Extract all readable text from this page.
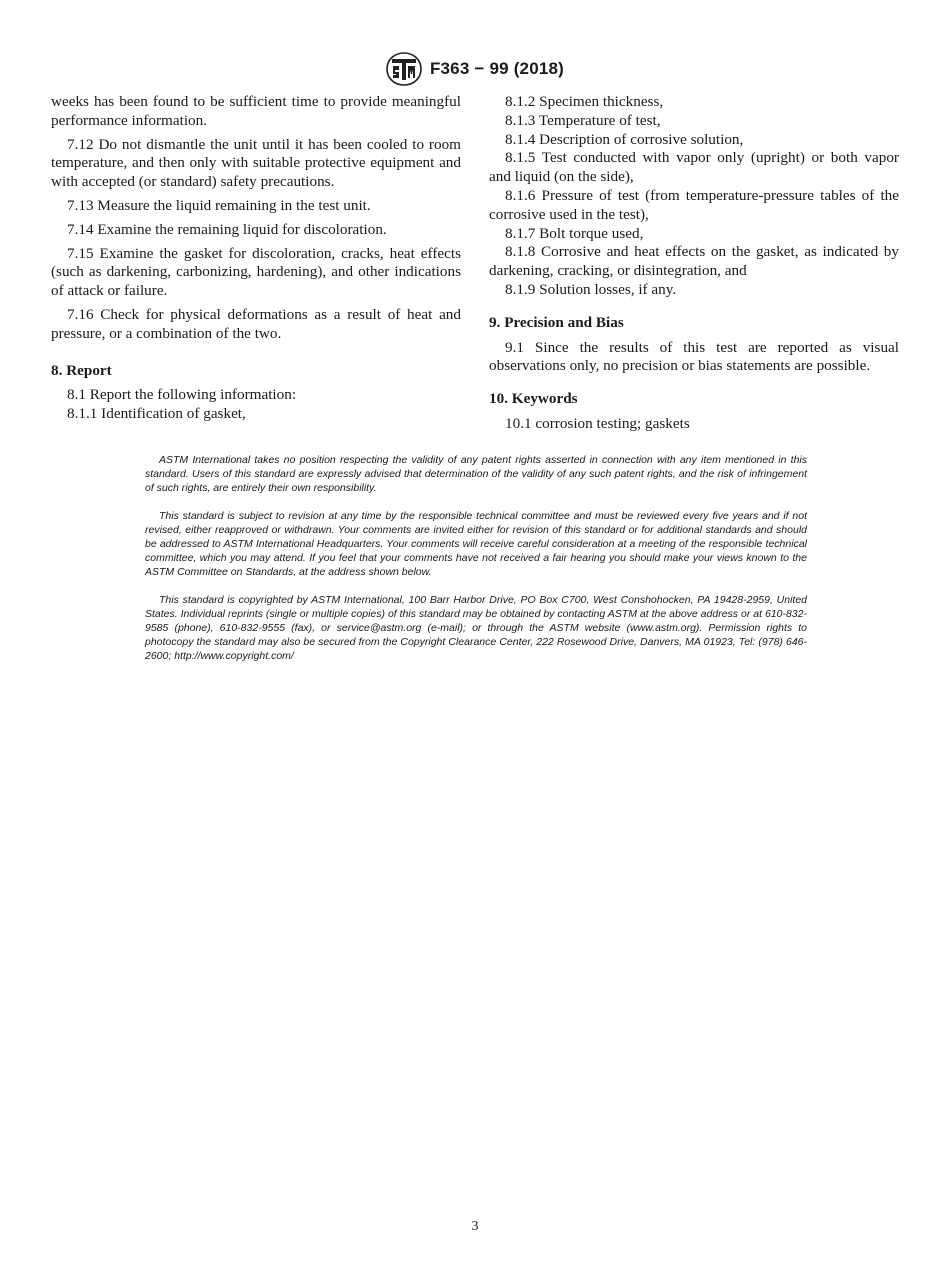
F363 − 99 (2018)

weeks has been found to be sufficient time to provide meaningful performance information.

7.12 Do not dismantle the unit until it has been cooled to room temperature, and then only with suitable protective equipment and with accepted (or standard) safety precautions.

7.13 Measure the liquid remaining in the test unit.

7.14 Examine the remaining liquid for discoloration.

7.15 Examine the gasket for discoloration, cracks, heat effects (such as darkening, carbonizing, hardening), and other indications of attack or failure.

7.16 Check for physical deformations as a result of heat and pressure, or a combination of the two.

8. Report

8.1 Report the following information:

8.1.1 Identification of gasket,

8.1.2 Specimen thickness,

8.1.3 Temperature of test,

8.1.4 Description of corrosive solution,

8.1.5 Test conducted with vapor only (upright) or both vapor and liquid (on the side),

8.1.6 Pressure of test (from temperature-pressure tables of the corrosive used in the test),

8.1.7 Bolt torque used,

8.1.8 Corrosive and heat effects on the gasket, as indicated by darkening, cracking, or disintegration, and

8.1.9 Solution losses, if any.

9. Precision and Bias

9.1 Since the results of this test are reported as visual observations only, no precision or bias statements are possible.

10. Keywords

10.1 corrosion testing; gaskets

ASTM International takes no position respecting the validity of any patent rights asserted in connection with any item mentioned in this standard. Users of this standard are expressly advised that determination of the validity of any such patent rights, and the risk of infringement of such rights, are entirely their own responsibility.

This standard is subject to revision at any time by the responsible technical committee and must be reviewed every five years and if not revised, either reapproved or withdrawn. Your comments are invited either for revision of this standard or for additional standards and should be addressed to ASTM International Headquarters. Your comments will receive careful consideration at a meeting of the responsible technical committee, which you may attend. If you feel that your comments have not received a fair hearing you should make your views known to the ASTM Committee on Standards, at the address shown below.

This standard is copyrighted by ASTM International, 100 Barr Harbor Drive, PO Box C700, West Conshohocken, PA 19428-2959, United States. Individual reprints (single or multiple copies) of this standard may be obtained by contacting ASTM at the above address or at 610-832-9585 (phone), 610-832-9555 (fax), or service@astm.org (e-mail); or through the ASTM website (www.astm.org). Permission rights to photocopy the standard may also be secured from the Copyright Clearance Center, 222 Rosewood Drive, Danvers, MA 01923, Tel: (978) 646-2600; http://www.copyright.com/

3
